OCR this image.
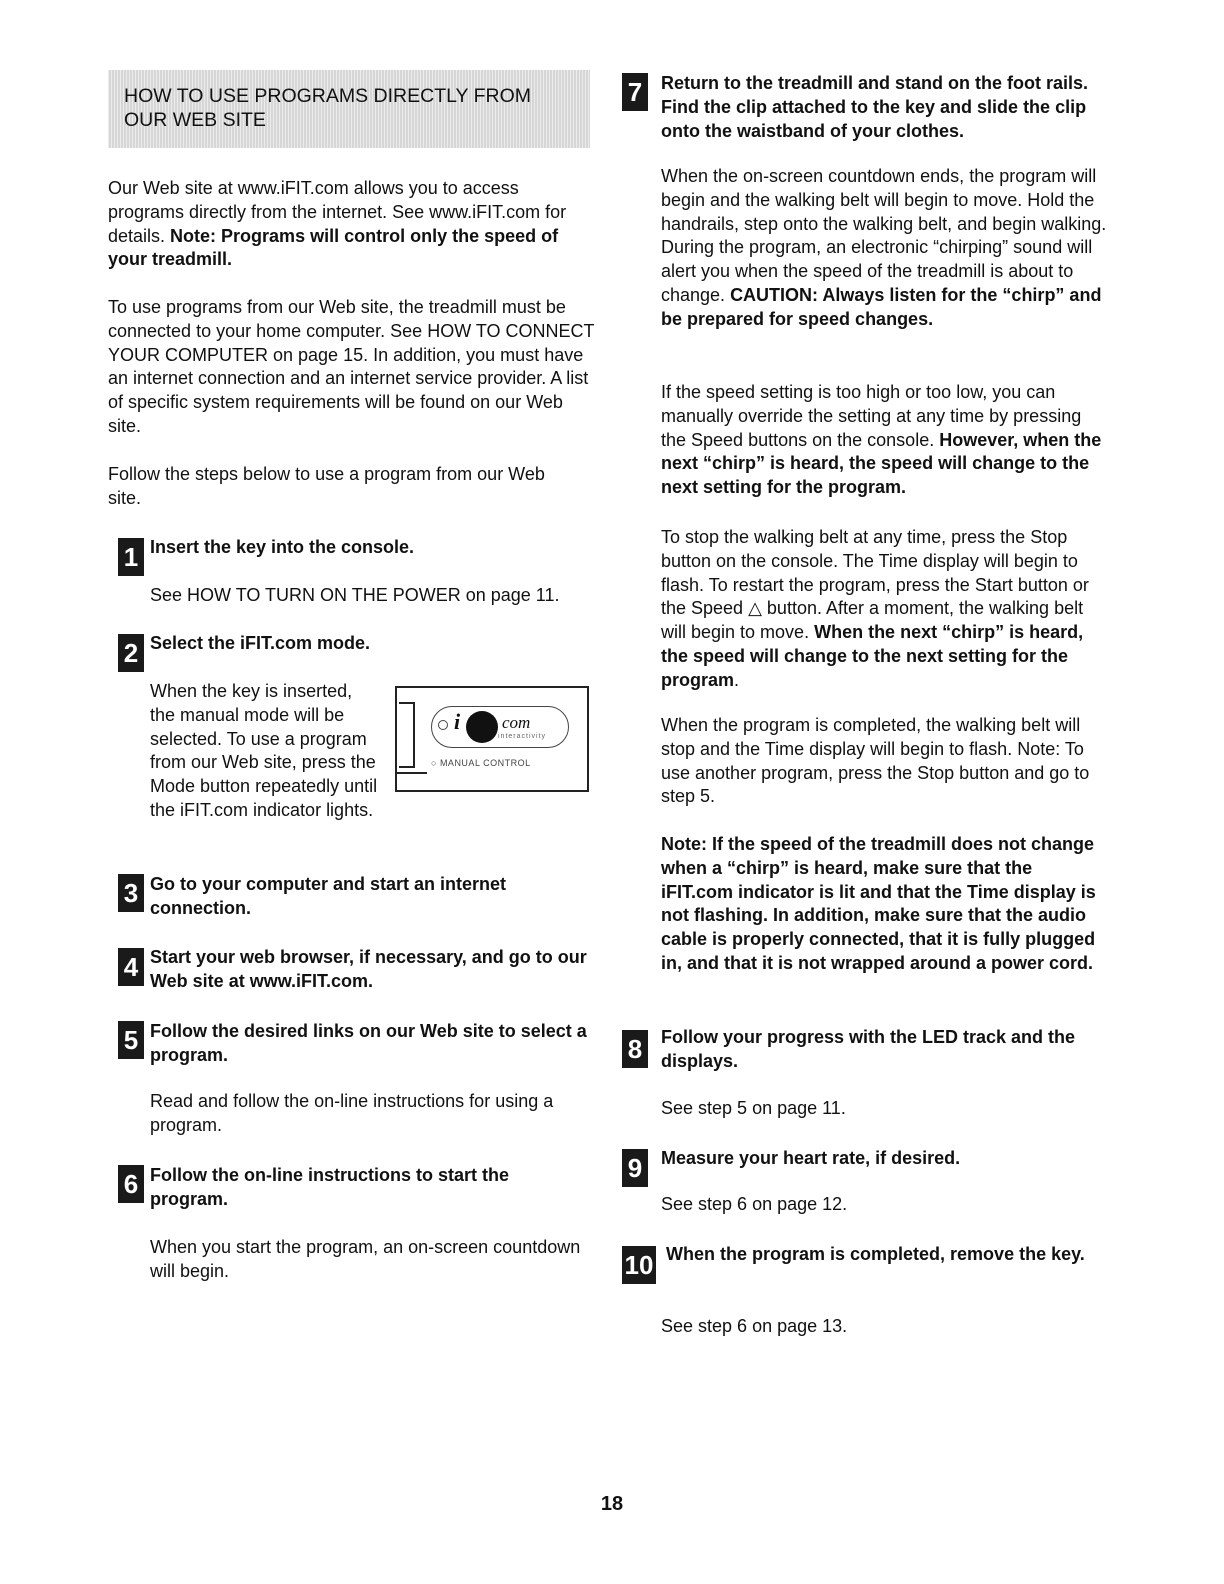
HOW TO USE PROGRAMS DIRECTLY FROM OUR WEB SITE

Our Web site at www.iFIT.com allows you to access programs directly from the internet. See www.iFIT.com for details. Note: Programs will control only the speed of your treadmill.

To use programs from our Web site, the treadmill must be connected to your home computer. See HOW TO CONNECT YOUR COMPUTER on page 15. In addition, you must have an internet connection and an internet service provider. A list of specific system requirements will be found on our Web site.

Follow the steps below to use a program from our Web site.

1 Insert the key into the console.

See HOW TO TURN ON THE POWER on page 11.

2 Select the iFIT.com mode.

When the key is inserted, the manual mode will be selected. To use a program from our Web site, press the Mode button repeatedly until the iFIT.com indicator lights.

i com
interactivity
○ MANUAL CONTROL
3 Go to your computer and start an internet connection.
4 Start your web browser, if necessary, and go to our Web site at www.iFIT.com.
5 Follow the desired links on our Web site to select a program.

Read and follow the on-line instructions for using a program.

6 Follow the on-line instructions to start the program.

When you start the program, an on-screen countdown will begin.

7	Return to the treadmill and stand on the foot rails. Find the clip attached to the key and slide the clip onto the waistband of your clothes.

When the on-screen countdown ends, the program will begin and the walking belt will begin to move. Hold the handrails, step onto the walking belt, and begin walking. During the program, an electronic “chirping” sound will alert you when the speed of the treadmill is about to change. CAUTION: Always listen for the “chirp” and be prepared for speed changes.

If the speed setting is too high or too low, you can manually override the setting at any time by pressing the Speed buttons on the console. However, when the next “chirp” is heard, the speed will change to the next setting for the program.

To stop the walking belt at any time, press the Stop button on the console. The Time display will begin to flash. To restart the program, press the Start button or the Speed △ button. After a moment, the walking belt will begin to move. When the next “chirp” is heard, the speed will change to the next setting for the program.

When the program is completed, the walking belt will stop and the Time display will begin to flash. Note: To use another program, press the Stop button and go to step 5.

Note: If the speed of the treadmill does not change when a “chirp” is heard, make sure that the iFIT.com indicator is lit and that the Time display is not flashing. In addition, make sure that the audio cable is properly connected, that it is fully plugged in, and that it is not wrapped around a power cord.

8	Follow your progress with the LED track and the displays.

See step 5 on page 11.

9	Measure your heart rate, if desired.

See step 6 on page 12.

10 When the program is completed, remove the key.

See step 6 on page 13.

18
